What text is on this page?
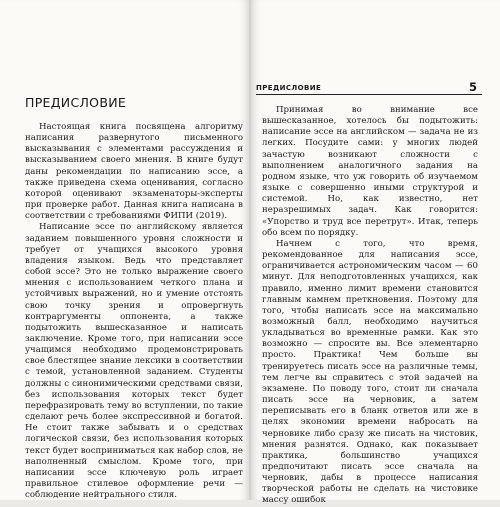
ПРЕДИСЛОВИЕ

Настоящая книга посвящена алгоритму написания развернутого письменного высказывания с элементами рассуждения и высказыванием своего мнения. В книге будут даны рекомендации по написанию эссе, а также приведена схема оценивания, согласно которой оценивают экзаменаторы-эксперты при проверке работ. Данная книга написана в соответствии с требованиями ФИПИ (2019).

Написание эссе по английскому является заданием повышенного уровня сложности и требует от учащихся высокого уровня владения языком. Ведь что представляет собой эссе? Это не только выражение своего мнения с использованием четкого плана и устойчивых выражений, но и умение отстоять свою точку зрения и опровергнуть контраргументы оппонента, а также подытожить вышесказанное и написать заключение. Кроме того, при написании эссе учащимся необходимо продемонстрировать свое блестящее знание лексики в соответствии с темой, установленной заданием. Студенты должны с синонимическими средствами связи, без использования которых текст будет перефразировать тему во вступлении, по такие сделают речь более экспрессивной и богатой. Не стоит также забывать и о средствах логической связи, без использования которых текст будет восприниматься как набор слов, не наполненный смыслом. Кроме того, при написании эссе ключевую роль играет правильное стилевое оформление речи — соблюдение нейтрального стиля.

ПРЕДИСЛОВИЕ	5

Принимая во внимание все вышесказанное, хотелось бы подытожить: написание эссе на английском — задача не из легких. Посудите сами: у многих людей зачастую возникают сложности с выполнением аналогичного задания на родном языке, что уж говорить об изучаемом языке с совершенно иными структурой и системой. Но, как известно, нет неразрешимых задач. Как говорится: «Упорство и труд все перетрут». Итак, теперь обо всем по порядку.

Начнем с того, что время, рекомендованное для написания эссе, ограничивается астрономическим часом — 60 минут. Для неподготовленных учащихся, как правило, именно лимит времени становится главным камнем преткновения. Поэтому для того, чтобы написать эссе на максимально возможный балл, необходимо научиться укладываться во временные рамки. Как это возможно — спросите вы. Все элементарно просто. Практика! Чем больше вы тренируетесь писать эссе на различные темы, тем легче вы справитесь с этой задачей на экзамене. По поводу того, стоит ли сначала писать эссе на черновик, а затем переписывать его в бланк ответов или же в целях экономии времени набросать на черновике либо сразу же писать на чистовик, мнения разнятся. Однако, как показывает практика, большинство учащихся предпочитают писать эссе сначала на черновик, дабы в процессе написания творческой работы не сделать на чистовике массу ошибок
